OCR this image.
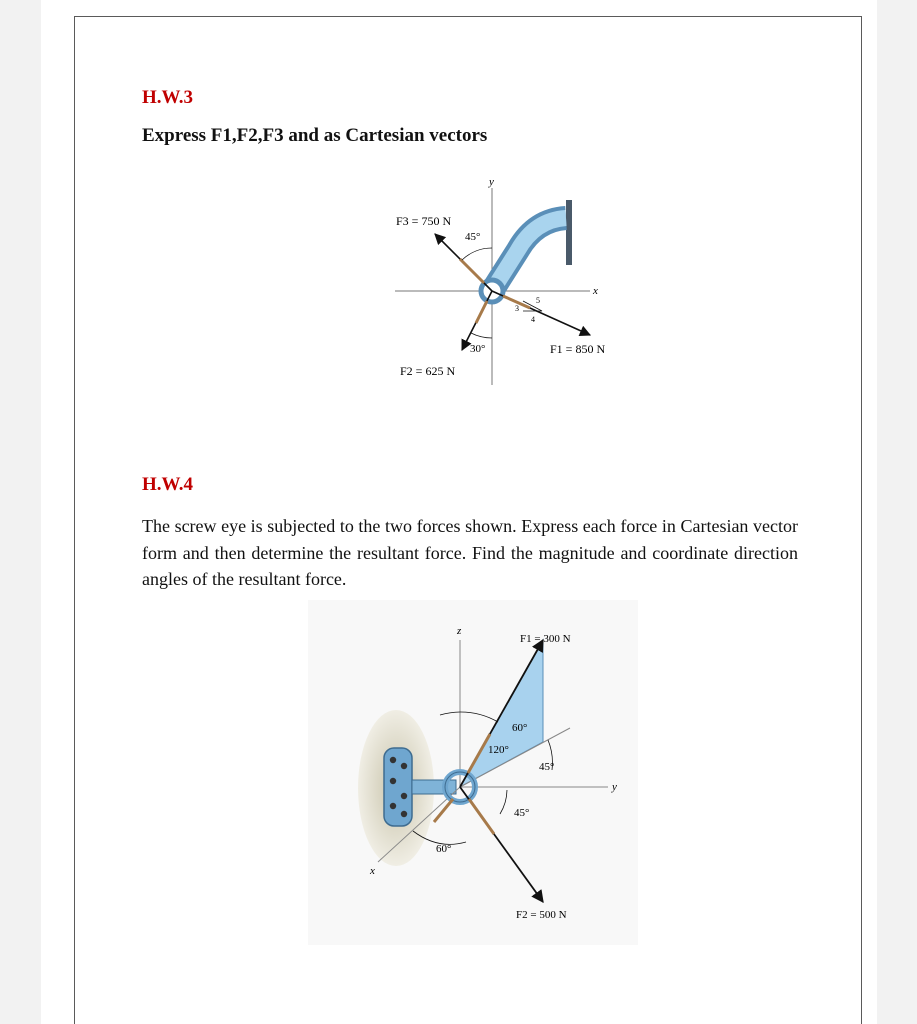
H.W.3

Express F1,F2,F3 and as Cartesian vectors

y
x
F3 = 750 N
45°
30°
F2 = 625 N
F1 = 850 N
5
3
4
H.W.4

The screw eye is subjected to the two forces shown. Express each force in Cartesian vector form and then determine the resultant force. Find the magnitude and coordinate direction angles of the resultant force.

z
y
x
F1 = 300 N
F2 = 500 N
60°
120°
45°
45°
60°
